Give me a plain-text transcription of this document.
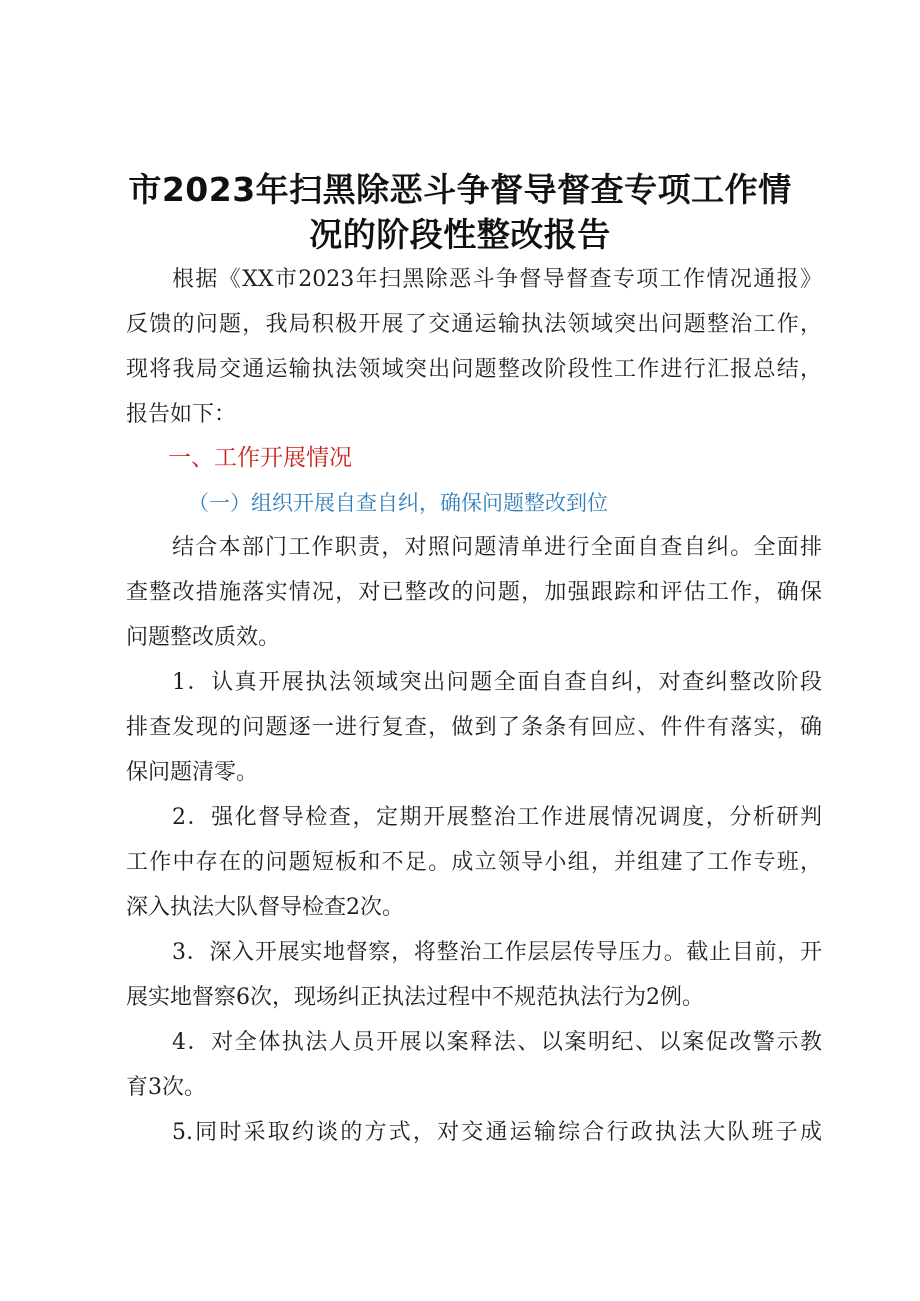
市2023年扫黑除恶斗争督导督查专项工作情
况的阶段性整改报告
根据《XX市2023年扫黑除恶斗争督导督查专项工作情况通报》
反馈的问题，我局积极开展了交通运输执法领域突出问题整治工作，
现将我局交通运输执法领域突出问题整改阶段性工作进行汇报总结，
报告如下：
一、工作开展情况
（一）组织开展自查自纠，确保问题整改到位
结合本部门工作职责，对照问题清单进行全面自查自纠。全面排
查整改措施落实情况，对已整改的问题，加强跟踪和评估工作，确保
问题整改质效。
1．认真开展执法领域突出问题全面自查自纠，对查纠整改阶段
排查发现的问题逐一进行复查，做到了条条有回应、件件有落实，确
保问题清零。
2．强化督导检查，定期开展整治工作进展情况调度，分析研判
工作中存在的问题短板和不足。成立领导小组，并组建了工作专班，
深入执法大队督导检查2次。
3．深入开展实地督察，将整治工作层层传导压力。截止目前，开
展实地督察6次，现场纠正执法过程中不规范执法行为2例。
4．对全体执法人员开展以案释法、以案明纪、以案促改警示教
育3次。
5.同时采取约谈的方式，对交通运输综合行政执法大队班子成
